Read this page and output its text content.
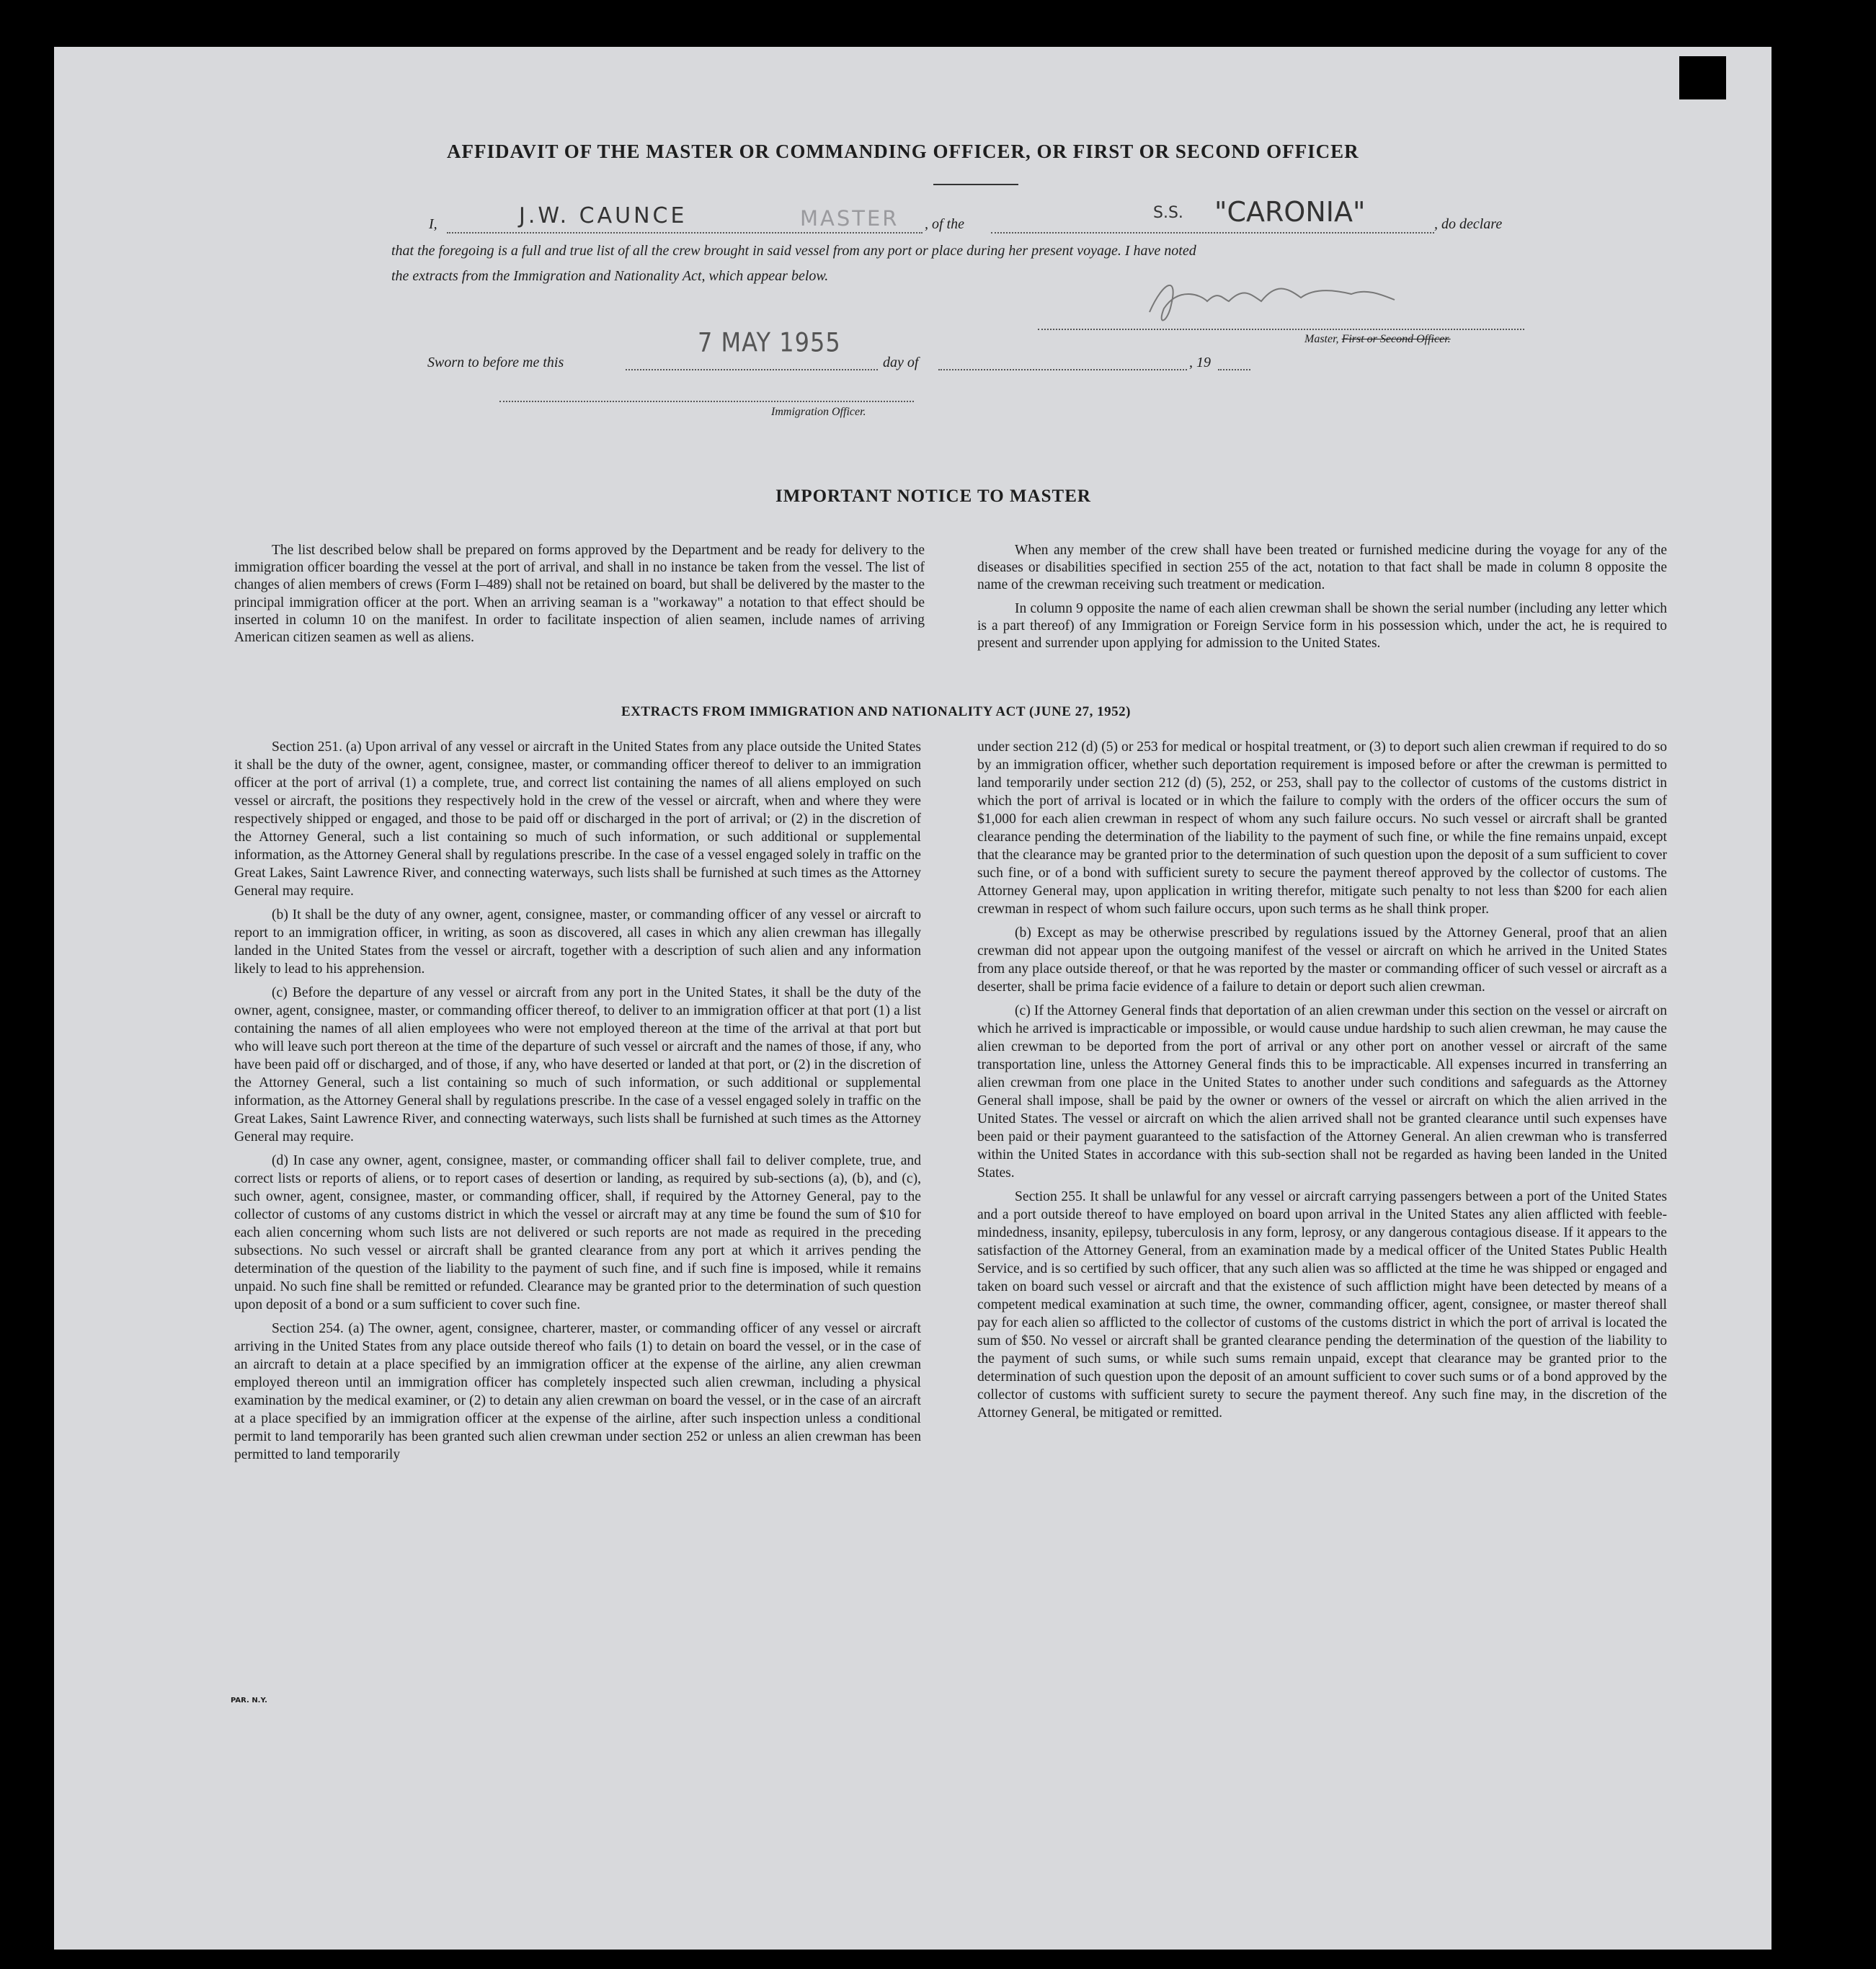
AFFIDAVIT OF THE MASTER OR COMMANDING OFFICER, OR FIRST OR SECOND OFFICER
I,	J.W. CAUNCE	MASTER , of the
S.S. "CARONIA"	, do declare
that the foregoing is a full and true list of all the crew brought in said vessel from any port or place during her present voyage. I have noted
the extracts from the Immigration and Nationality Act, which appear below.
Master, First or Second Officer.
Sworn to before me this
7 MAY 1955
day of	, 19
Immigration Officer.
IMPORTANT NOTICE TO MASTER

The list described below shall be prepared on forms approved by the Department and be ready for delivery to the immigration officer boarding the vessel at the port of arrival, and shall in no instance be taken from the vessel. The list of changes of alien members of crews (Form I–489) shall not be retained on board, but shall be delivered by the master to the principal immigration officer at the port. When an arriving seaman is a "workaway" a notation to that effect should be inserted in column 10 on the manifest. In order to facilitate inspection of alien seamen, include names of arriving American citizen seamen as well as aliens.

When any member of the crew shall have been treated or furnished medicine during the voyage for any of the diseases or disabilities specified in section 255 of the act, notation to that fact shall be made in column 8 opposite the name of the crewman receiving such treatment or medication.

In column 9 opposite the name of each alien crewman shall be shown the serial number (including any letter which is a part thereof) of any Immigration or Foreign Service form in his possession which, under the act, he is required to present and surrender upon applying for admission to the United States.

EXTRACTS FROM IMMIGRATION AND NATIONALITY ACT (JUNE 27, 1952)

Section 251. (a) Upon arrival of any vessel or aircraft in the United States from any place outside the United States it shall be the duty of the owner, agent, consignee, master, or commanding officer thereof to deliver to an immigration officer at the port of arrival (1) a complete, true, and correct list containing the names of all aliens employed on such vessel or aircraft, the positions they respectively hold in the crew of the vessel or aircraft, when and where they were respectively shipped or engaged, and those to be paid off or discharged in the port of arrival; or (2) in the discretion of the Attorney General, such a list containing so much of such information, or such additional or supplemental information, as the Attorney General shall by regulations prescribe. In the case of a vessel engaged solely in traffic on the Great Lakes, Saint Lawrence River, and connecting waterways, such lists shall be furnished at such times as the Attorney General may require.

(b) It shall be the duty of any owner, agent, consignee, master, or commanding officer of any vessel or aircraft to report to an immigration officer, in writing, as soon as discovered, all cases in which any alien crewman has illegally landed in the United States from the vessel or aircraft, together with a description of such alien and any information likely to lead to his apprehension.

(c) Before the departure of any vessel or aircraft from any port in the United States, it shall be the duty of the owner, agent, consignee, master, or commanding officer thereof, to deliver to an immigration officer at that port (1) a list containing the names of all alien employees who were not employed thereon at the time of the arrival at that port but who will leave such port thereon at the time of the departure of such vessel or aircraft and the names of those, if any, who have been paid off or discharged, and of those, if any, who have deserted or landed at that port, or (2) in the discretion of the Attorney General, such a list containing so much of such information, or such additional or supplemental information, as the Attorney General shall by regulations prescribe. In the case of a vessel engaged solely in traffic on the Great Lakes, Saint Lawrence River, and connecting waterways, such lists shall be furnished at such times as the Attorney General may require.

(d) In case any owner, agent, consignee, master, or commanding officer shall fail to deliver complete, true, and correct lists or reports of aliens, or to report cases of desertion or landing, as required by sub-sections (a), (b), and (c), such owner, agent, consignee, master, or commanding officer, shall, if required by the Attorney General, pay to the collector of customs of any customs district in which the vessel or aircraft may at any time be found the sum of $10 for each alien concerning whom such lists are not delivered or such reports are not made as required in the preceding subsections. No such vessel or aircraft shall be granted clearance from any port at which it arrives pending the determination of the question of the liability to the payment of such fine, and if such fine is imposed, while it remains unpaid. No such fine shall be remitted or refunded. Clearance may be granted prior to the determination of such question upon deposit of a bond or a sum sufficient to cover such fine.

Section 254. (a) The owner, agent, consignee, charterer, master, or commanding officer of any vessel or aircraft arriving in the United States from any place outside thereof who fails (1) to detain on board the vessel, or in the case of an aircraft to detain at a place specified by an immigration officer at the expense of the airline, any alien crewman employed thereon until an immigration officer has completely inspected such alien crewman, including a physical examination by the medical examiner, or (2) to detain any alien crewman on board the vessel, or in the case of an aircraft at a place specified by an immigration officer at the expense of the airline, after such inspection unless a conditional permit to land temporarily has been granted such alien crewman under section 252 or unless an alien crewman has been permitted to land temporarily

under section 212 (d) (5) or 253 for medical or hospital treatment, or (3) to deport such alien crewman if required to do so by an immigration officer, whether such deportation requirement is imposed before or after the crewman is permitted to land temporarily under section 212 (d) (5), 252, or 253, shall pay to the collector of customs of the customs district in which the port of arrival is located or in which the failure to comply with the orders of the officer occurs the sum of $1,000 for each alien crewman in respect of whom any such failure occurs. No such vessel or aircraft shall be granted clearance pending the determination of the liability to the payment of such fine, or while the fine remains unpaid, except that the clearance may be granted prior to the determination of such question upon the deposit of a sum sufficient to cover such fine, or of a bond with sufficient surety to secure the payment thereof approved by the collector of customs. The Attorney General may, upon application in writing therefor, mitigate such penalty to not less than $200 for each alien crewman in respect of whom such failure occurs, upon such terms as he shall think proper.

(b) Except as may be otherwise prescribed by regulations issued by the Attorney General, proof that an alien crewman did not appear upon the outgoing manifest of the vessel or aircraft on which he arrived in the United States from any place outside thereof, or that he was reported by the master or commanding officer of such vessel or aircraft as a deserter, shall be prima facie evidence of a failure to detain or deport such alien crewman.

(c) If the Attorney General finds that deportation of an alien crewman under this section on the vessel or aircraft on which he arrived is impracticable or impossible, or would cause undue hardship to such alien crewman, he may cause the alien crewman to be deported from the port of arrival or any other port on another vessel or aircraft of the same transportation line, unless the Attorney General finds this to be impracticable. All expenses incurred in transferring an alien crewman from one place in the United States to another under such conditions and safeguards as the Attorney General shall impose, shall be paid by the owner or owners of the vessel or aircraft on which the alien arrived in the United States. The vessel or aircraft on which the alien arrived shall not be granted clearance until such expenses have been paid or their payment guaranteed to the satisfaction of the Attorney General. An alien crewman who is transferred within the United States in accordance with this sub-section shall not be regarded as having been landed in the United States.

Section 255. It shall be unlawful for any vessel or aircraft carrying passengers between a port of the United States and a port outside thereof to have employed on board upon arrival in the United States any alien afflicted with feeble-mindedness, insanity, epilepsy, tuberculosis in any form, leprosy, or any dangerous contagious disease. If it appears to the satisfaction of the Attorney General, from an examination made by a medical officer of the United States Public Health Service, and is so certified by such officer, that any such alien was so afflicted at the time he was shipped or engaged and taken on board such vessel or aircraft and that the existence of such affliction might have been detected by means of a competent medical examination at such time, the owner, commanding officer, agent, consignee, or master thereof shall pay for each alien so afflicted to the collector of customs of the customs district in which the port of arrival is located the sum of $50. No vessel or aircraft shall be granted clearance pending the determination of the question of the liability to the payment of such sums, or while such sums remain unpaid, except that clearance may be granted prior to the determination of such question upon the deposit of an amount sufficient to cover such sums or of a bond approved by the collector of customs with sufficient surety to secure the payment thereof. Any such fine may, in the discretion of the Attorney General, be mitigated or remitted.

PAR. N.Y.
